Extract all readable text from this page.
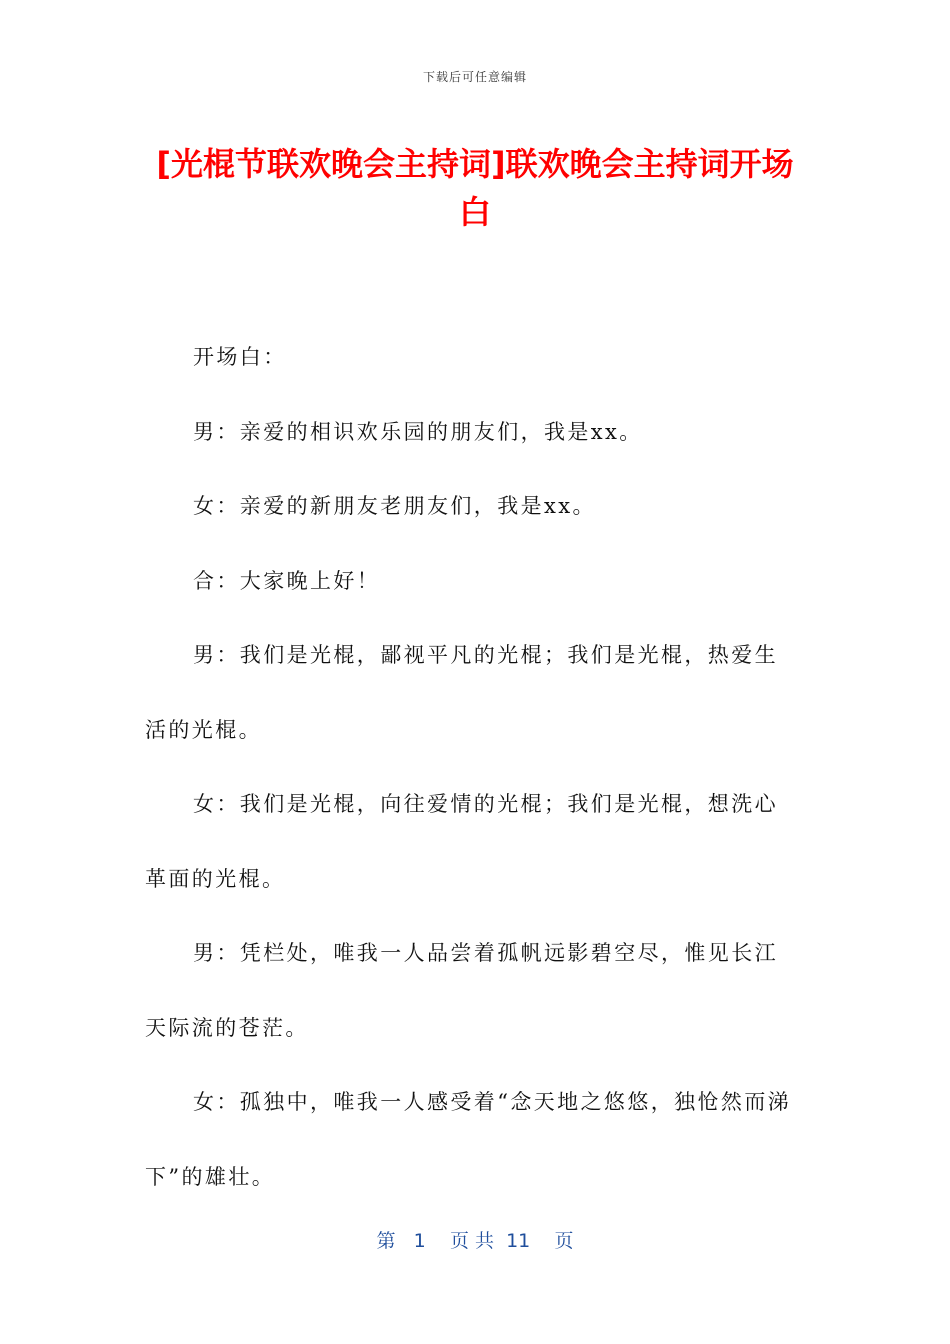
下载后可任意编辑
[光棍节联欢晚会主持词]联欢晚会主持词开场白

开场白：

男：亲爱的相识欢乐园的朋友们，我是xx。

女：亲爱的新朋友老朋友们，我是xx。

合：大家晚上好！

男：我们是光棍，鄙视平凡的光棍；我们是光棍，热爱生活的光棍。

女：我们是光棍，向往爱情的光棍；我们是光棍，想洗心革面的光棍。

男：凭栏处，唯我一人品尝着孤帆远影碧空尽，惟见长江天际流的苍茫。

女：孤独中，唯我一人感受着“念天地之悠悠，独怆然而涕下”的雄壮。

第 1 页 共 11 页
